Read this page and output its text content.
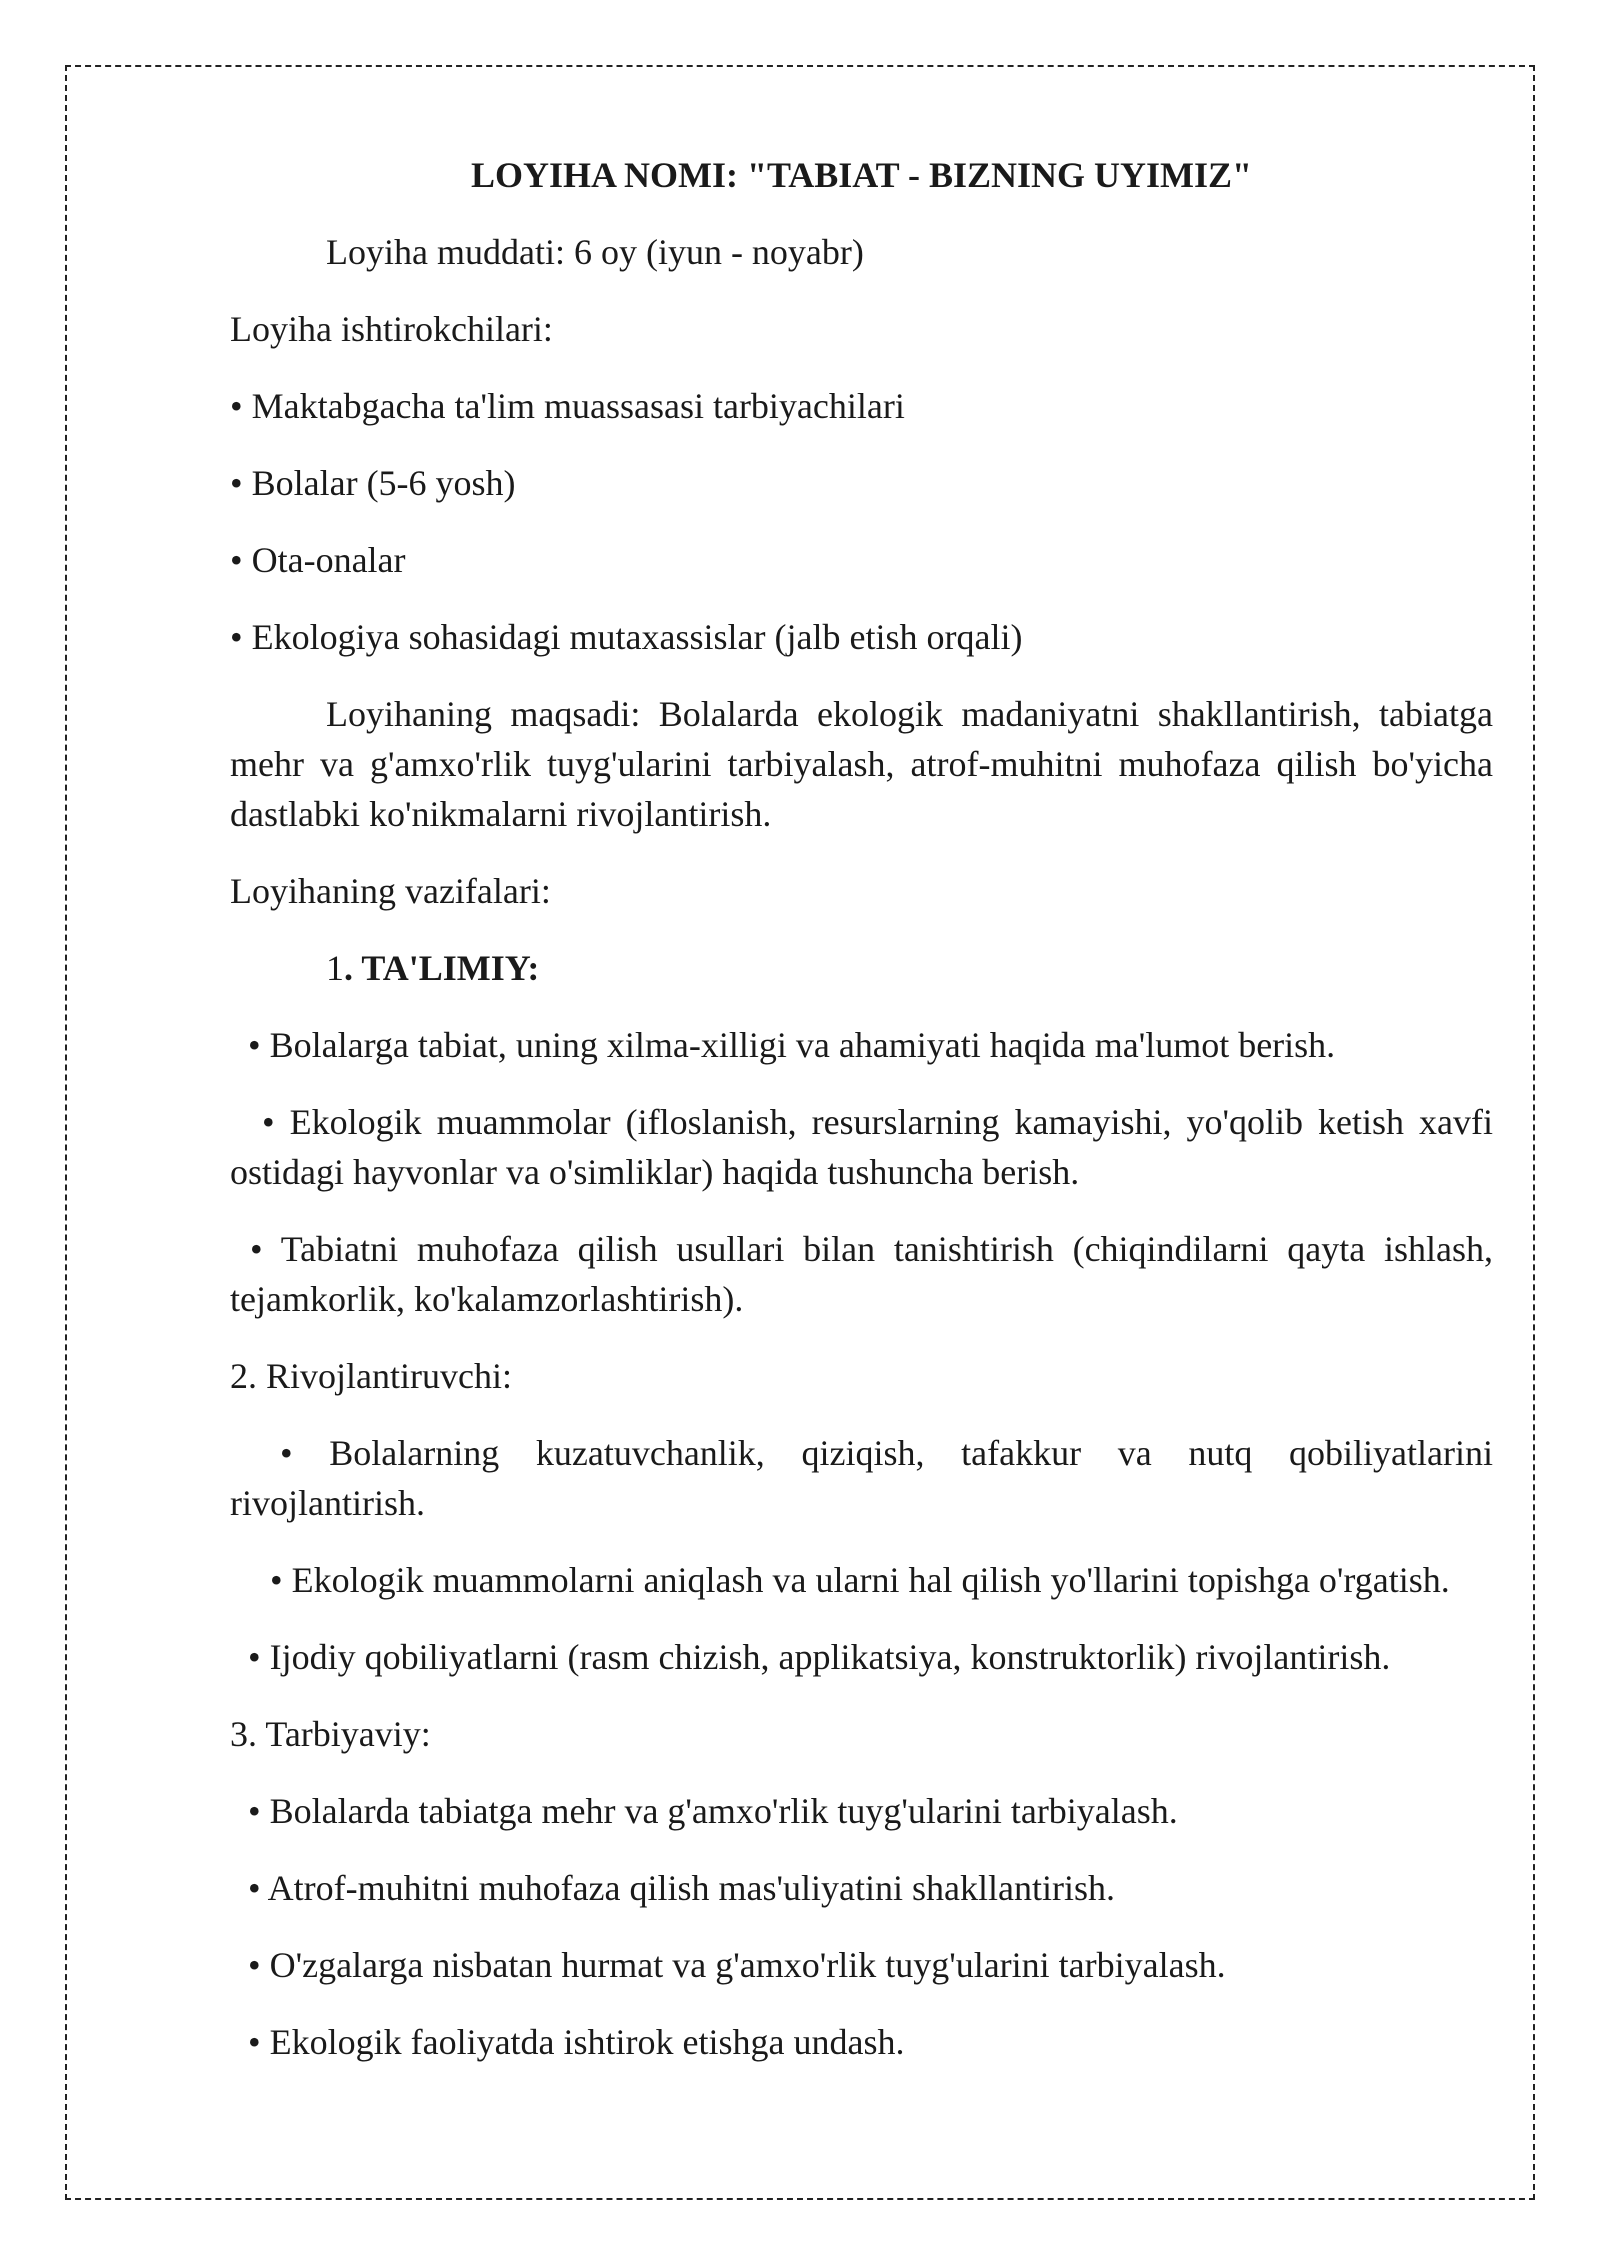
LOYIHA NOMI: "TABIAT - BIZNING UYIMIZ"

Loyiha muddati: 6 oy (iyun - noyabr)

Loyiha ishtirokchilari:

• Maktabgacha ta'lim muassasasi tarbiyachilari

• Bolalar (5-6 yosh)

• Ota-onalar

• Ekologiya sohasidagi mutaxassislar (jalb etish orqali)

Loyihaning maqsadi: Bolalarda ekologik madaniyatni shakllantirish, tabiatga mehr va g'amxo'rlik tuyg'ularini tarbiyalash, atrof-muhitni muhofaza qilish bo'yicha dastlabki ko'nikmalarni rivojlantirish.

Loyihaning vazifalari:

1. TA'LIMIY:

• Bolalarga tabiat, uning xilma-xilligi va ahamiyati haqida ma'lumot berish.

• Ekologik muammolar (ifloslanish, resurslarning kamayishi, yo'qolib ketish xavfi ostidagi hayvonlar va o'simliklar) haqida tushuncha berish.

• Tabiatni muhofaza qilish usullari bilan tanishtirish (chiqindilarni qayta ishlash, tejamkorlik, ko'kalamzorlashtirish).

2. Rivojlantiruvchi:

• Bolalarning kuzatuvchanlik, qiziqish, tafakkur va nutq qobiliyatlarini rivojlantirish.

• Ekologik muammolarni aniqlash va ularni hal qilish yo'llarini topishga o'rgatish.

• Ijodiy qobiliyatlarni (rasm chizish, applikatsiya, konstruktorlik) rivojlantirish.

3. Tarbiyaviy:

• Bolalarda tabiatga mehr va g'amxo'rlik tuyg'ularini tarbiyalash.

• Atrof-muhitni muhofaza qilish mas'uliyatini shakllantirish.

• O'zgalarga nisbatan hurmat va g'amxo'rlik tuyg'ularini tarbiyalash.

• Ekologik faoliyatda ishtirok etishga undash.
